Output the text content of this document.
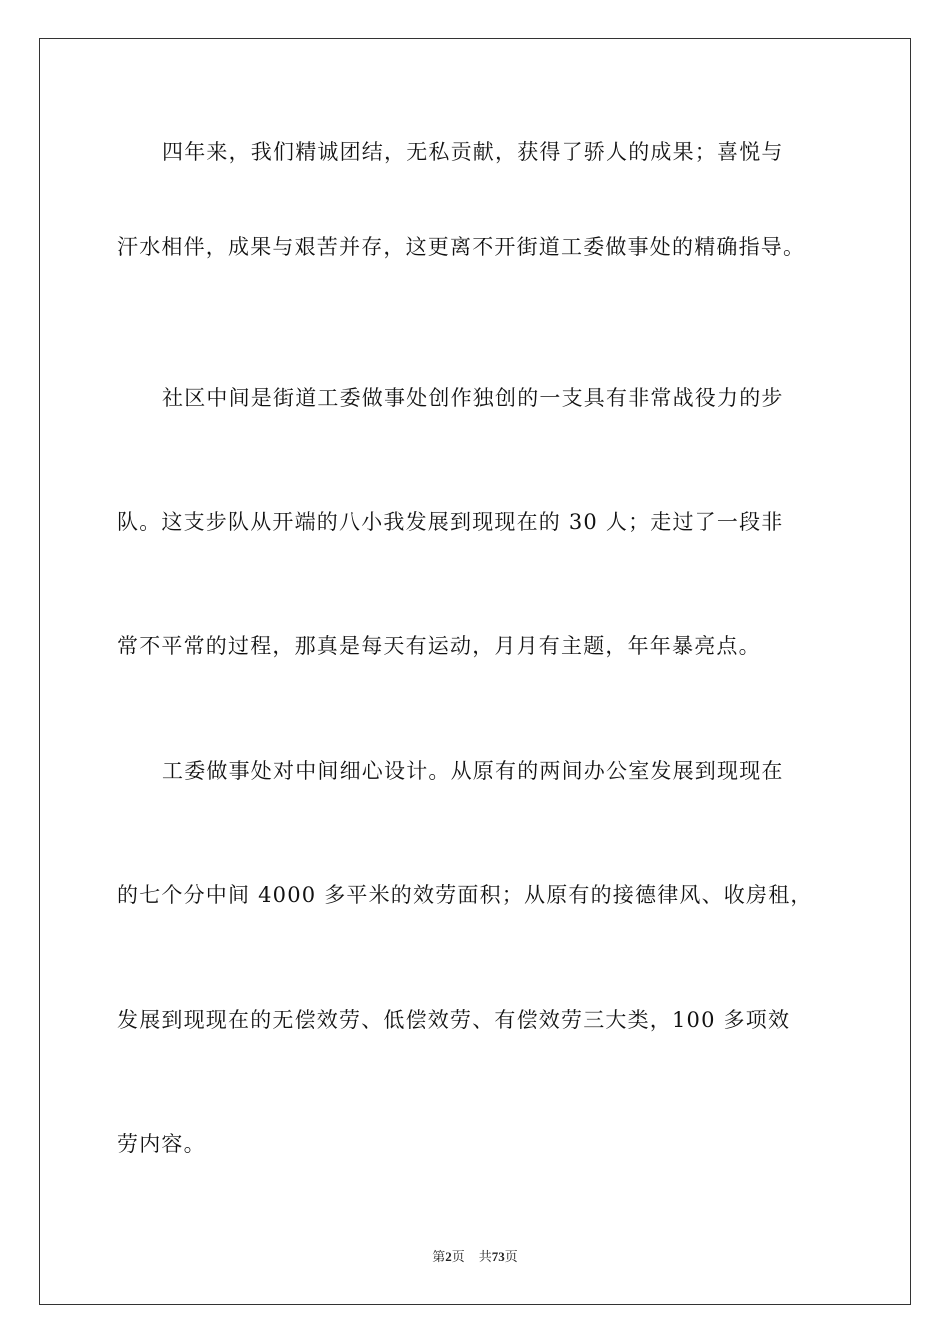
四年来，我们精诚团结，无私贡献，获得了骄人的成果；喜悦与
汗水相伴，成果与艰苦并存，这更离不开街道工委做事处的精确指导。
社区中间是街道工委做事处创作独创的一支具有非常战役力的步
队。这支步队从开端的八小我发展到现现在的 30 人；走过了一段非
常不平常的过程，那真是每天有运动，月月有主题，年年暴亮点。
工委做事处对中间细心设计。从原有的两间办公室发展到现现在
的七个分中间 4000 多平米的效劳面积；从原有的接德律风、收房租，
发展到现现在的无偿效劳、低偿效劳、有偿效劳三大类，100 多项效
劳内容。
第2页 共73页
